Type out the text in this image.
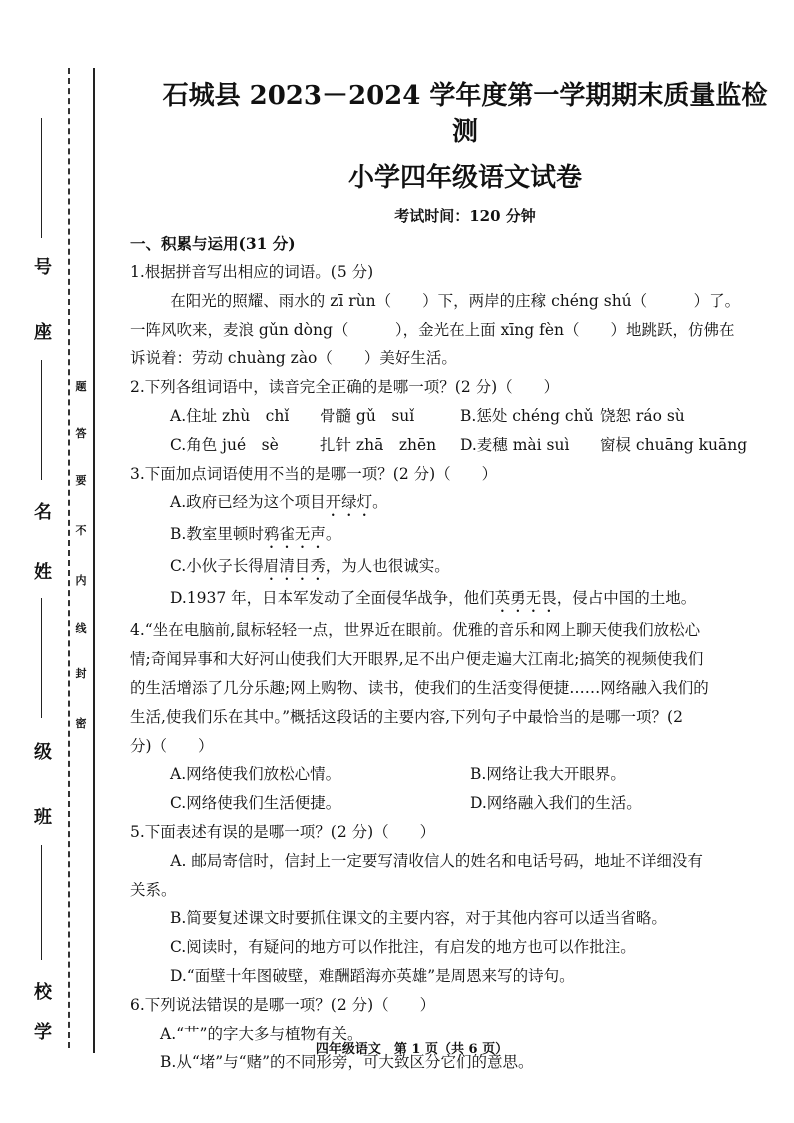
号
座
名
姓
级
班
校
学
密
封
线
内
不
要
答
题
石城县 2023－2024 学年度第一学期期末质量监检测
小学四年级语文试卷
考试时间：120 分钟
一、积累与运用(31 分)

1.根据拼音写出相应的词语。(5 分)

在阳光的照耀、雨水的 zī rùn（　　）下，两岸的庄稼 chéng shú（　　　）了。

一阵风吹来，麦浪 gǔn dòng（　　　），金光在上面 xīng fèn（　　）地跳跃，仿佛在

诉说着：劳动 chuàng zào（　　）美好生活。

2.下列各组词语中，读音完全正确的是哪一项？(2 分)（　　）

A.住址 zhù　chǐ	骨髓 gǔ　suǐ	B.惩处 chéng chǔ 饶恕 ráo sù
C.角色 jué　sè	扎针 zhā　zhēn	D.麦穗 mài suì	窗棂 chuāng kuāng

3.下面加点词语使用不当的是哪一项？(2 分)（　　）

A.政府已经为这个项目开绿灯。
B.教室里顿时鸦雀无声。
C.小伙子长得眉清目秀，为人也很诚实。
D.1937 年，日本军发动了全面侵华战争，他们英勇无畏，侵占中国的土地。

4.“坐在电脑前,鼠标轻轻一点，世界近在眼前。优雅的音乐和网上聊天使我们放松心

情;奇闻异事和大好河山使我们大开眼界,足不出户便走遍大江南北;搞笑的视频使我们

的生活增添了几分乐趣;网上购物、读书，使我们的生活变得便捷……网络融入我们的

生活,使我们乐在其中。”概括这段话的主要内容,下列句子中最恰当的是哪一项？(2

分)（　　）

A.网络使我们放松心情。	B.网络让我大开眼界。
C.网络使我们生活便捷。	D.网络融入我们的生活。

5.下面表述有误的是哪一项？(2 分)（　　）

A. 邮局寄信时，信封上一定要写清收信人的姓名和电话号码，地址不详细没有

关系。

B.简要复述课文时要抓住课文的主要内容，对于其他内容可以适当省略。
C.阅读时，有疑问的地方可以作批注，有启发的地方也可以作批注。
D.“面壁十年图破壁，难酬蹈海亦英雄”是周恩来写的诗句。

6.下列说法错误的是哪一项？(2 分)（　　）

A.“艹”的字大多与植物有关。
B.从“堵”与“赌”的不同形旁，可大致区分它们的意思。
四年级语文　第 1 页（共 6 页）
